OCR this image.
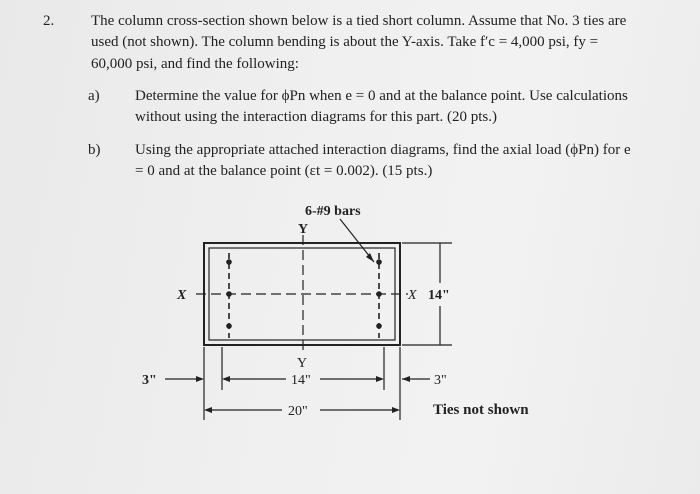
2. The column cross-section shown below is a tied short column. Assume that No. 3 ties are
used (not shown). The column bending is about the Y-axis. Take f′c = 4,000 psi, fy =
60,000 psi, and find the following:
a) Determine the value for ϕPn when e = 0 and at the balance point. Use calculations
without using the interaction diagrams for this part. (20 pts.)
b) Using the appropriate attached interaction diagrams, find the axial load (ϕPn) for e
= 0 and at the balance point (εt = 0.002). (15 pts.)
6-#9 bars
Y
Y
X	X 14"
3"	14"	3"
20"	Ties not shown
